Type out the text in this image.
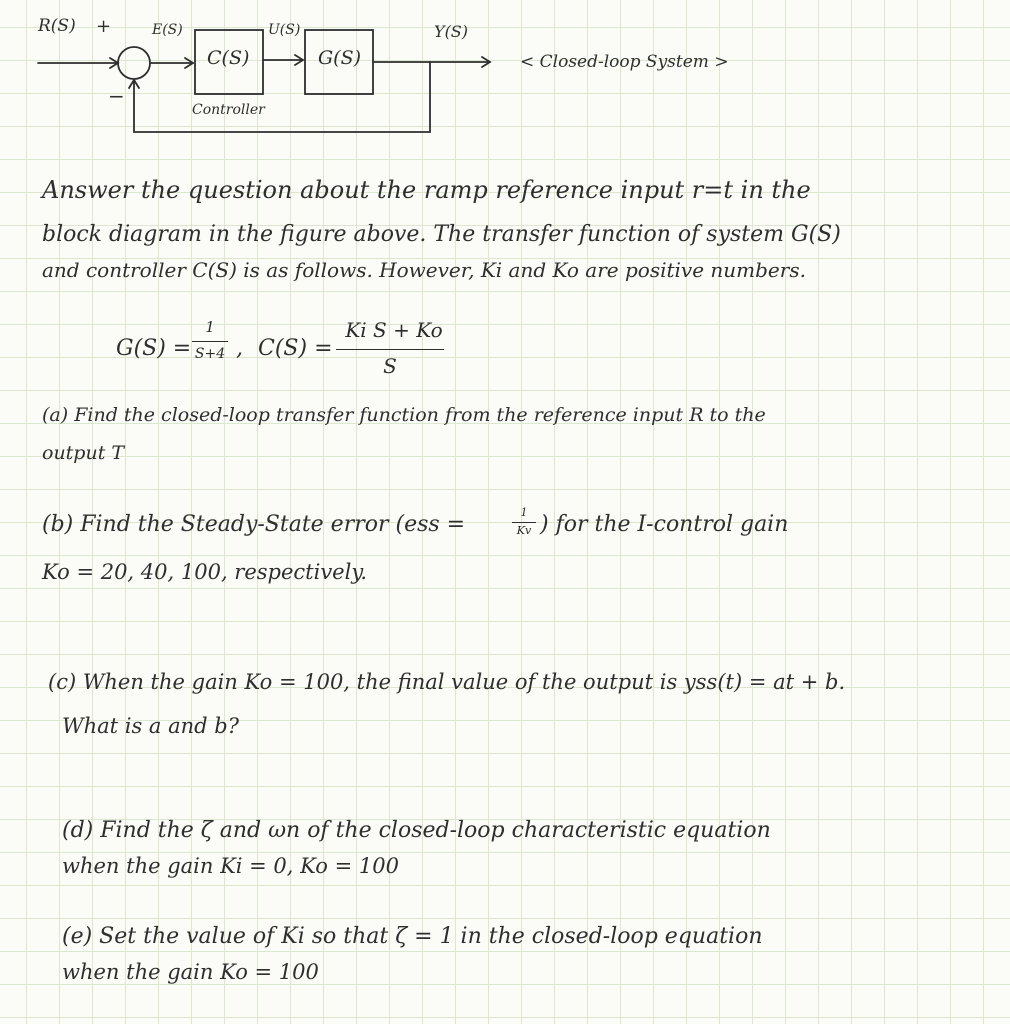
R(S) +
−
E(S)
C(S)
U(S)
G(S)
Y(S)
Controller
< Closed-loop System >
Answer the question about the ramp reference input r=t in the
block diagram in the figure above. The transfer function of system G(S)
and controller C(S) is as follows. However, Ki and Ko are positive numbers.
G(S) =
1
S+4 , C(S) =
Ki S + Ko
S
(a) Find the closed-loop transfer function from the reference input R to the
output T
(b) Find the Steady-State error (ess =	1
Kv ) for the I-control gain
Ko = 20, 40, 100, respectively.
(c) When the gain Ko = 100, the final value of the output is yss(t) = at + b.
What is a and b?
(d) Find the ζ and ωn of the closed-loop characteristic equation
when the gain Ki = 0, Ko = 100
(e) Set the value of Ki so that ζ = 1 in the closed-loop equation
when the gain Ko = 100
